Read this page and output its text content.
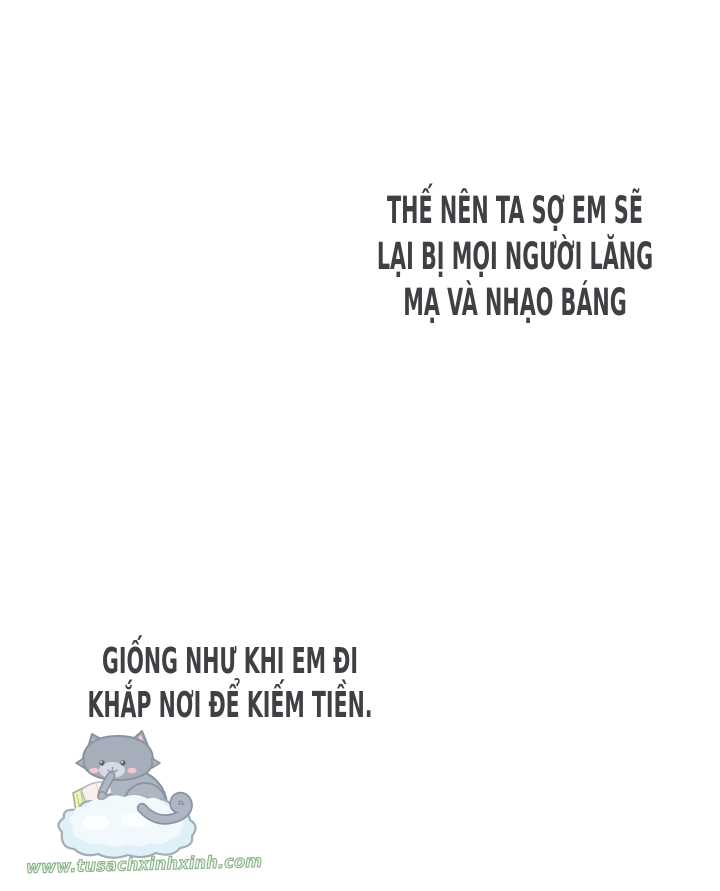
THẾ NÊN TA SỢ EM SẼ
LẠI BỊ MỌI NGƯỜI LĂNG
MẠ VÀ NHẠO BÁNG
GIỐNG NHƯ KHI EM ĐI
KHẮP NƠI ĐỂ KIẾM TIỀN.
www.tusachxinhxinh.com
